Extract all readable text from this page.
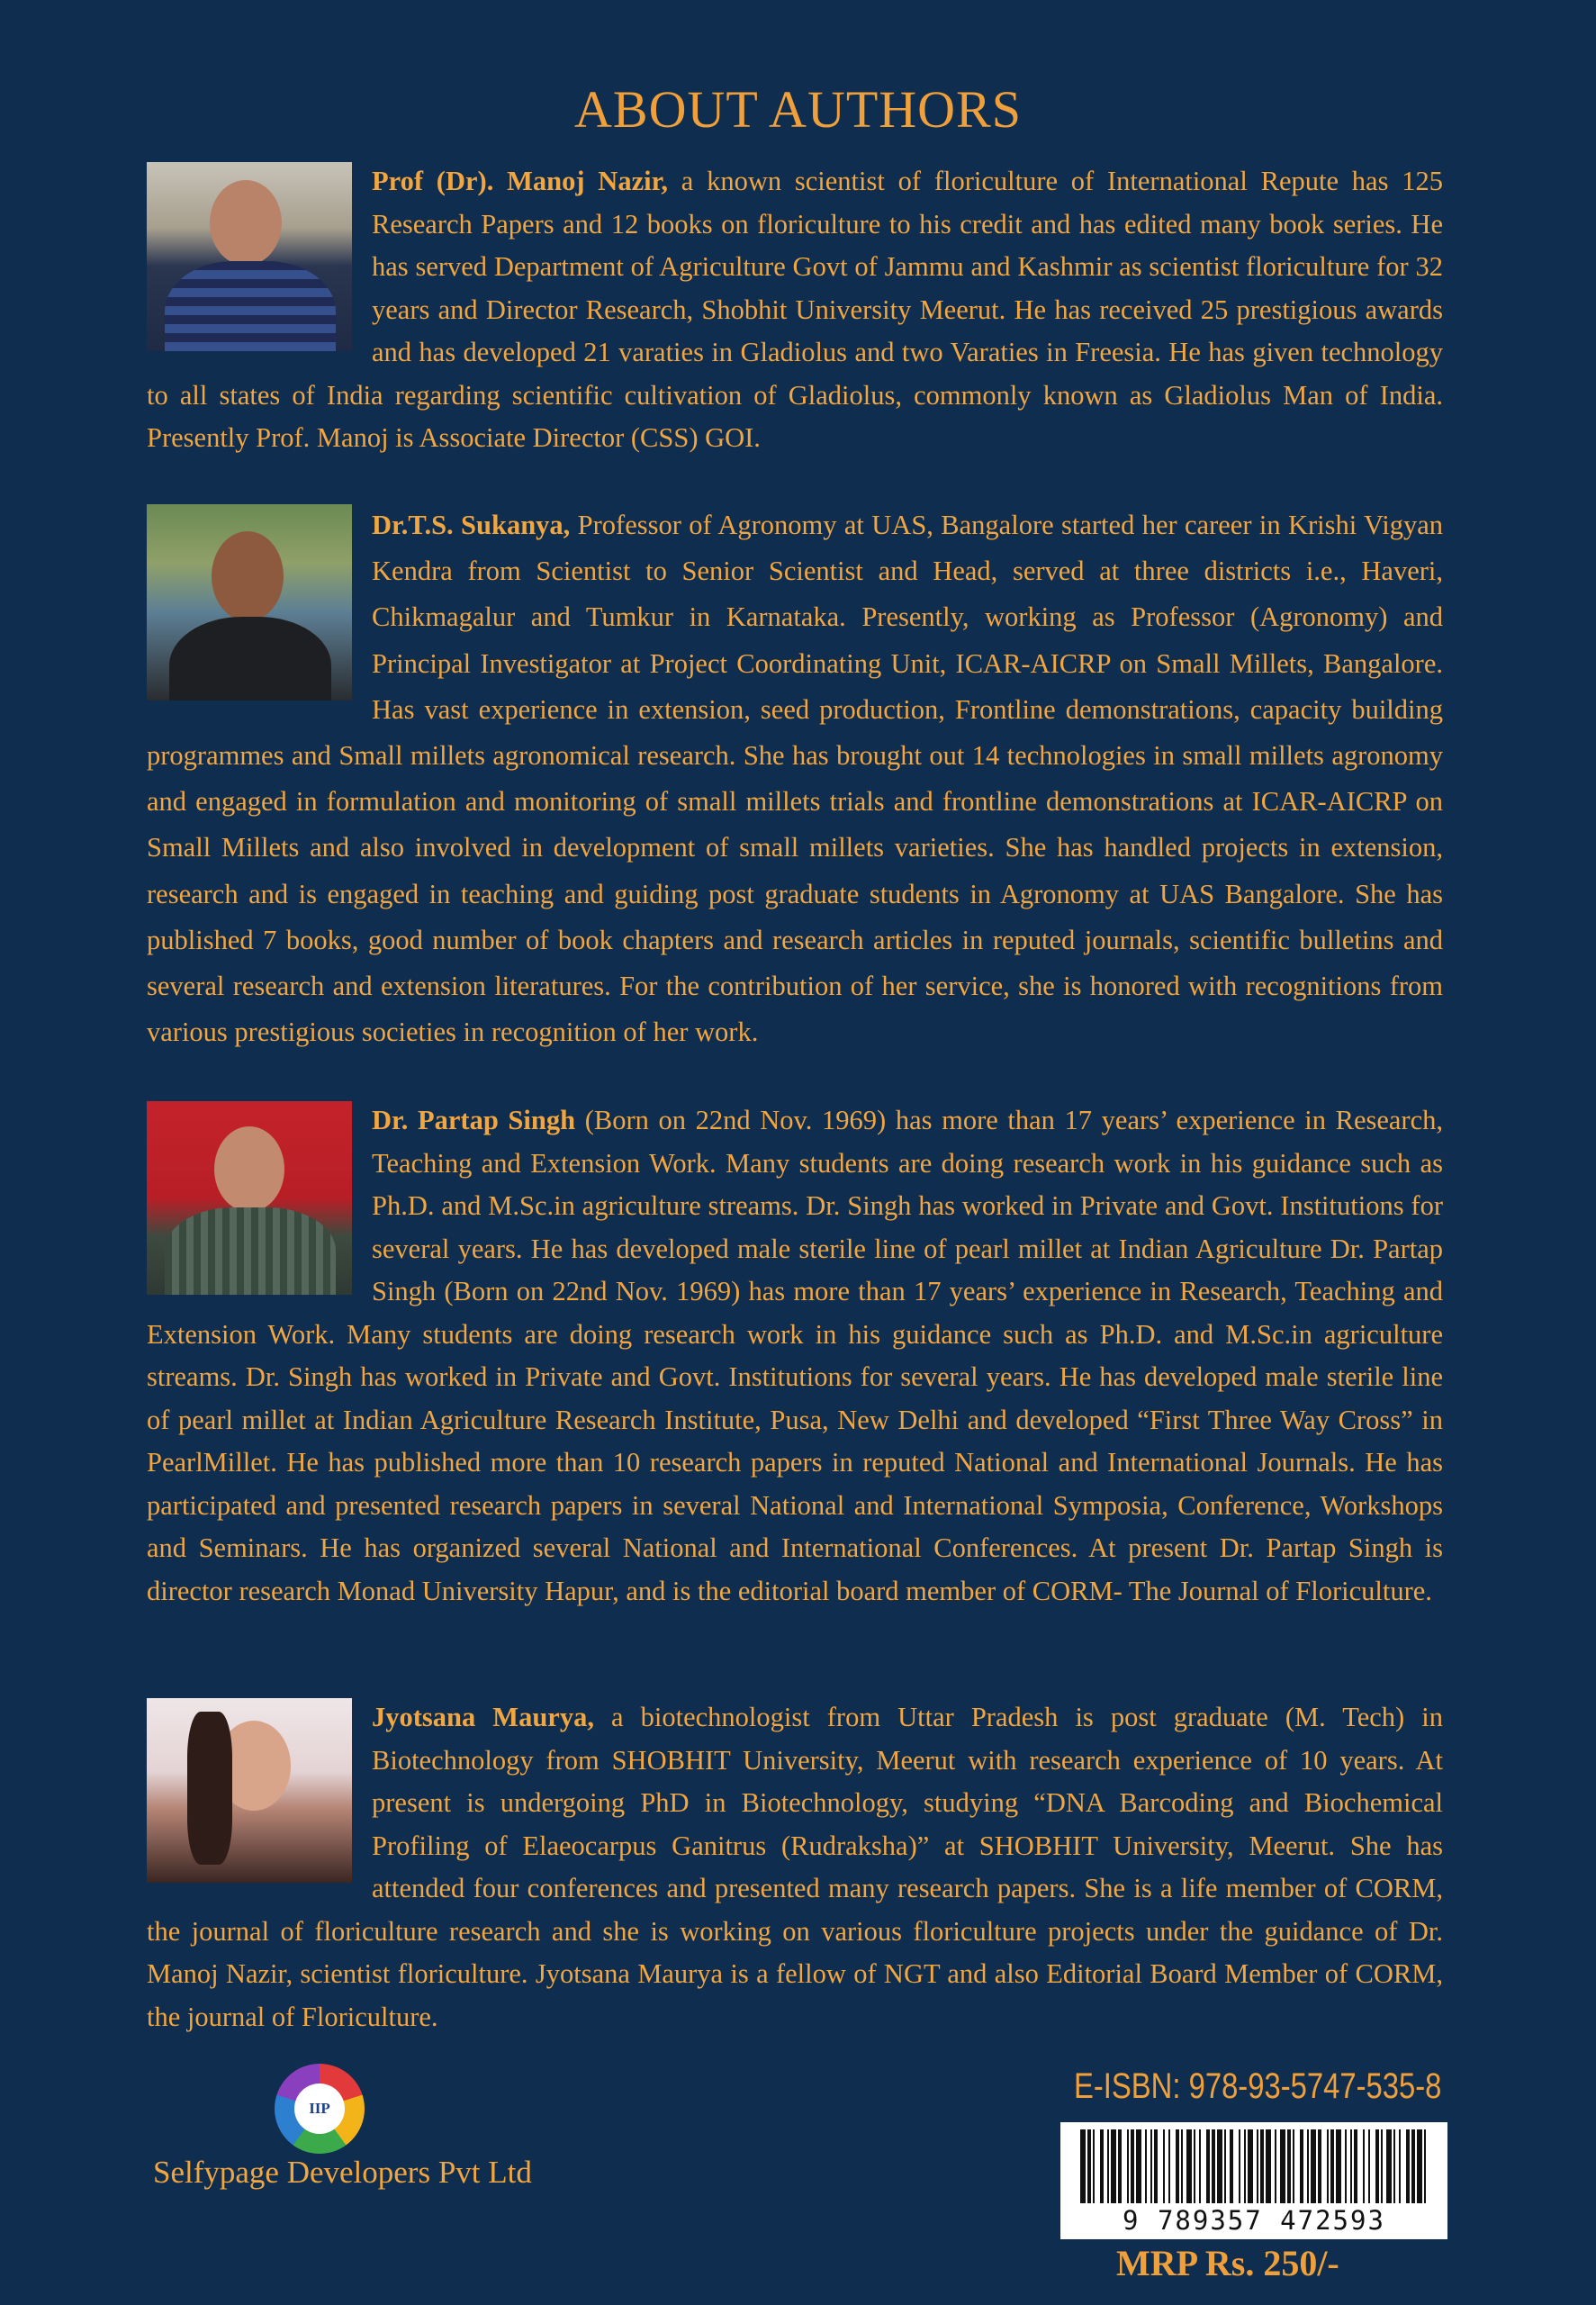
ABOUT AUTHORS
Prof (Dr). Manoj Nazir, a known scientist of floriculture of International Repute has 125 Research Papers and 12 books on floriculture to his credit and has edited many book series. He has served Department of Agriculture Govt of Jammu and Kashmir as scientist floriculture for 32 years and Director Research, Shobhit University Meerut. He has received 25 prestigious awards and has developed 21 varaties in Gladiolus and two Varaties in Freesia. He has given technology to all states of India regarding scientific cultivation of Gladiolus, commonly known as Gladiolus Man of India. Presently Prof. Manoj is Associate Director (CSS) GOI.
Dr.T.S. Sukanya, Professor of Agronomy at UAS, Bangalore started her career in Krishi Vigyan Kendra from Scientist to Senior Scientist and Head, served at three districts i.e., Haveri, Chikmagalur and Tumkur in Karnataka. Presently, working as Professor (Agronomy) and Principal Investigator at Project Coordinating Unit, ICAR-AICRP on Small Millets, Bangalore. Has vast experience in extension, seed production, Frontline demonstrations, capacity building programmes and Small millets agronomical research. She has brought out 14 technologies in small millets agronomy and engaged in formulation and monitoring of small millets trials and frontline demonstrations at ICAR-AICRP on Small Millets and also involved in development of small millets varieties. She has handled projects in extension, research and is engaged in teaching and guiding post graduate students in Agronomy at UAS Bangalore. She has published 7 books, good number of book chapters and research articles in reputed journals, scientific bulletins and several research and extension literatures. For the contribution of her service, she is honored with recognitions from various prestigious societies in recognition of her work.
Dr. Partap Singh (Born on 22nd Nov. 1969) has more than 17 years’ experience in Research, Teaching and Extension Work. Many students are doing research work in his guidance such as Ph.D. and M.Sc.in agriculture streams. Dr. Singh has worked in Private and Govt. Institutions for several years. He has developed male sterile line of pearl millet at Indian Agriculture Dr. Partap Singh (Born on 22nd Nov. 1969) has more than 17 years’ experience in Research, Teaching and Extension Work. Many students are doing research work in his guidance such as Ph.D. and M.Sc.in agriculture streams. Dr. Singh has worked in Private and Govt. Institutions for several years. He has developed male sterile line of pearl millet at Indian Agriculture Research Institute, Pusa, New Delhi and developed “First Three Way Cross” in PearlMillet. He has published more than 10 research papers in reputed National and International Journals. He has participated and presented research papers in several National and International Symposia, Conference, Workshops and Seminars. He has organized several National and International Conferences. At present Dr. Partap Singh is director research Monad University Hapur, and is the editorial board member of CORM- The Journal of Floriculture.
Jyotsana Maurya, a biotechnologist from Uttar Pradesh is post graduate (M. Tech) in Biotechnology from SHOBHIT University, Meerut with research experience of 10 years. At present is undergoing PhD in Biotechnology, studying “DNA Barcoding and Biochemical Profiling of Elaeocarpus Ganitrus (Rudraksha)” at SHOBHIT University, Meerut. She has attended four conferences and presented many research papers. She is a life member of CORM, the journal of floriculture research and she is working on various floriculture projects under the guidance of Dr. Manoj Nazir, scientist floriculture. Jyotsana Maurya is a fellow of NGT and also Editorial Board Member of CORM, the journal of Floriculture.
IIP
Selfypage Developers Pvt Ltd
E-ISBN: 978-93-5747-535-8
9 789357 472593
MRP Rs. 250/-
